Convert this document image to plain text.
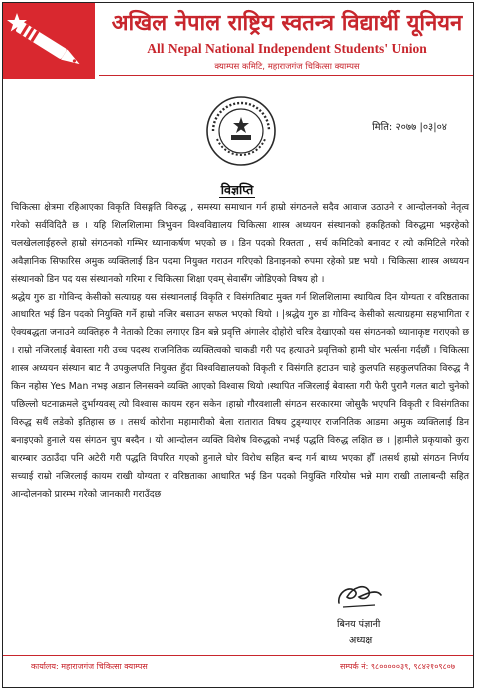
अखिल नेपाल राष्ट्रिय स्वतन्त्र विद्यार्थी यूनियन
All Nepal National Independent Students' Union
क्याम्पस कमिटि, महाराजगंज चिकित्सा क्याम्पस
मिति: २०७७ |०३|०४
विज्ञप्ति

चिकित्सा क्षेत्रमा रहिआएका विकृति विसङ्गति विरुद्ध , समस्या समाधान गर्न हाम्रो संगठनले सदैव आवाज उठाउने र आन्दोलनको नेतृत्व गरेको सर्वविदितै छ । यहि शिलशिलामा त्रिभुवन विश्वविद्यालय चिकित्सा शास्त्र अध्ययन संस्थानको हकहितको विरुद्धमा भइरहेको चलखेललाईहरुले हाम्रो संगठनको गम्भिर ध्यानाकर्षण भएको छ । डिन पदको रिक्तता , सर्च कमिटिको बनावट र त्यो कमिटिले गरेको अवैज्ञानिक सिफारिस अमुक व्यक्तिलाई डिन पदमा नियुक्त गराउन गरिएको डिनाइनको रुपमा रहेको प्रष्ट भयो । चिकित्सा शास्त्र अध्ययन संस्थानको डिन पद यस संस्थानको गरिमा र चिकित्सा शिक्षा एवम् सेवासँग जोडिएको विषय हो ।

श्रद्धेय गुरु डा गोविन्द केसीको सत्याग्रह यस संस्थानलाई विकृति र विसंगतिबाट मुक्त गर्न शिलशिलामा स्थायित्व दिन योग्यता र वरिष्ठताका आधारित भई डिन पदको नियुक्ति गर्ने हाम्रो नजिर बसाउन सफल भएको थियो । |श्रद्धेय गुरु डा गोविन्द केसीको सत्याग्रहमा सहभागिता र ऐक्यबद्धता जनाउने व्यक्तिहरु नै नेताको टिका लगाएर डिन बन्ने प्रवृत्ति अंगालेर दोहोरो चरित्र देखाएको यस संगठनको ध्यानाकृष्ट गराएको छ । राम्रो नजिरलाई बेवास्ता गरी उच्च पदस्थ राजनितिक व्यक्तित्वको चाकडी गरी पद हत्याउने प्रवृत्तिको हामी घोर भर्त्सना गर्दछौं । चिकित्सा शास्त्र अध्ययन संस्थान बाट नै उपकुलपति नियुक्त हुँदा विश्वविद्यालयको विकृती र विसंगति हटाउन चाहे कुलपति सहकुलपतिका विरुद्ध नै किन नहोस Yes Man नभइ अडान लिनसक्ने व्यक्ति आएको विश्वास थियो ।स्थापित नजिरलाई बेवास्ता गरी फेरी पुरानै गलत बाटो चुनेको पछिल्लो घटनाक्रमले दुर्भाग्यवस् त्यो विश्वास कायम रहन सकेन ।हाम्रो गौरवशाली संगठन सरकारमा जोसुकै भएपनि विकृती र विसंगतिका विरुद्ध सधैं लडेको इतिहास छ । तसर्थ कोरोना महामारीको बेला रातारात विषय टुङ्ग्याएर राजनितिक आडमा अमुक व्यक्तिलाई डिन बनाइएको हुनाले यस संगठन चुप बस्दैन । यो आन्दोलन व्यक्ति विशेष विरुद्धको नभई पद्धति विरुद्ध लक्षित छ । |हामीले प्रकृयाको कुरा बारम्बार उठाउँदा पनि अटेरी गरी पद्धति विपरित गएको हुनाले घोर विरोध सहित बन्द गर्न बाध्य भएका हौँ ।तसर्थ हाम्रो संगठन निर्णय सच्याई राम्रो नजिरलाई कायम राखी योग्यता र वरिष्ठताका आधारित भई डिन पदको नियुक्ति गरियोस भन्ने माग राखी तालाबन्दी सहित आन्दोलनको प्रारम्भ गरेको जानकारी गराउँदछ

बिनय पंज्ञानी
अध्यक्ष
कार्यालय: महाराजगंज चिकित्सा क्याम्पस	सम्पर्क नं: ९८०००००३९, ९८४२१०९८०७
